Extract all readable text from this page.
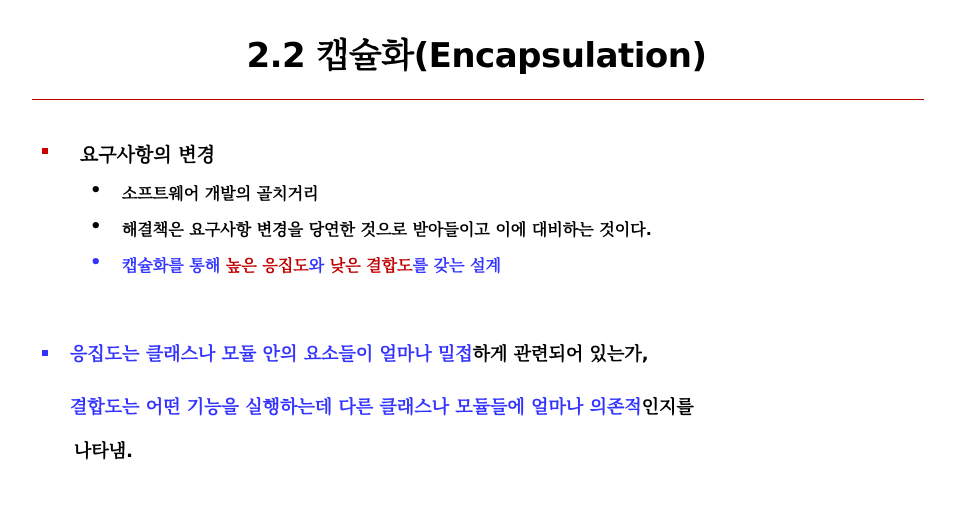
2.2 캡슐화(Encapsulation)
요구사항의 변경
• 소프트웨어 개발의 골치거리
• 해결책은 요구사항 변경을 당연한 것으로 받아들이고 이에 대비하는 것이다.
• 캡슐화를 통해 높은 응집도와 낮은 결합도를 갖는 설계
응집도는 클래스나 모듈 안의 요소들이 얼마나 밀접하게 관련되어 있는가,
결합도는 어떤 기능을 실행하는데 다른 클래스나 모듈들에 얼마나 의존적인지를
나타냄.
